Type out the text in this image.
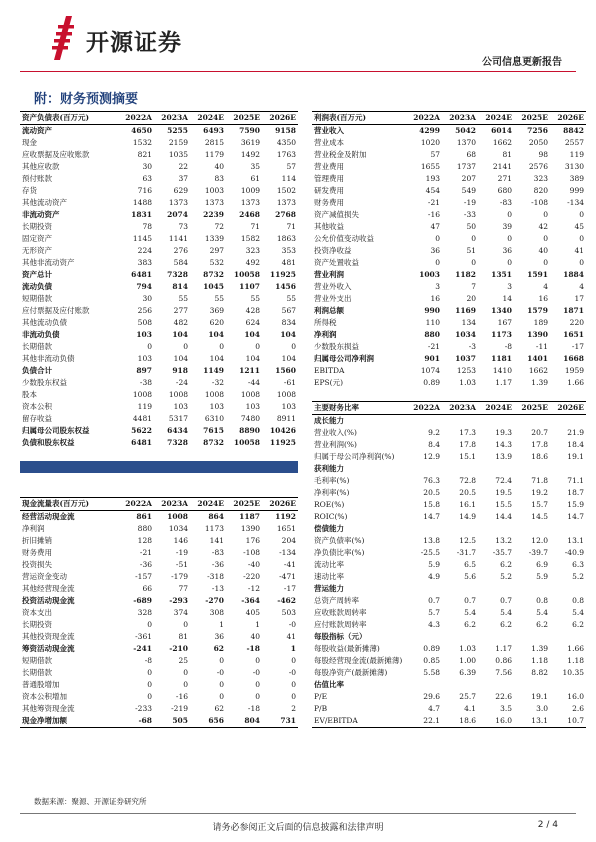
开源证券
公司信息更新报告
附：财务预测摘要
资产负债表(百万元)	2022A	2023A	2024E	2025E	2026E
流动资产	4650	5255	6493	7590	9158
现金	1532	2159	2815	3619	4350
应收票据及应收账款	821	1035	1179	1492	1763
其他应收款	30	22	40	35	57
预付账款	63	37	83	61	114
存货	716	629	1003	1009	1502
其他流动资产	1488	1373	1373	1373	1373
非流动资产	1831	2074	2239	2468	2768
长期投资	78	73	72	71	71
固定资产	1145	1141	1339	1582	1863
无形资产	224	276	297	323	353
其他非流动资产	383	584	532	492	481
资产总计	6481	7328	8732	10058	11925
流动负债	794	814	1045	1107	1456
短期借款	30	55	55	55	55
应付票据及应付账款	256	277	369	428	567
其他流动负债	508	482	620	624	834
非流动负债	103	104	104	104	104
长期借款	0	0	0	0	0
其他非流动负债	103	104	104	104	104
负债合计	897	918	1149	1211	1560
少数股东权益	-38	-24	-32	-44	-61
股本	1008	1008	1008	1008	1008
资本公积	119	103	103	103	103
留存收益	4481	5317	6310	7480	8911
归属母公司股东权益	5622	6434	7615	8890	10426
负债和股东权益	6481	7328	8732	10058	11925

现金流量表(百万元)	2022A	2023A	2024E	2025E	2026E
经营活动现金流	861	1008	864	1187	1192
净利润	880	1034	1173	1390	1651
折旧摊销	128	146	141	176	204
财务费用	-21	-19	-83	-108	-134
投资损失	-36	-51	-36	-40	-41
营运资金变动	-157	-179	-318	-220	-471
其他经营现金流	66	77	-13	-12	-17
投资活动现金流	-689	-293	-270	-364	-462
资本支出	328	374	308	405	503
长期投资	0	0	1	1	-0
其他投资现金流	-361	81	36	40	41
筹资活动现金流	-241	-210	62	-18	1
短期借款	-8	25	0	0	0
长期借款	0	0	-0	-0	-0
普通股增加	0	0	0	0	0
资本公积增加	0	-16	0	0	0
其他筹资现金流	-233	-219	62	-18	2
现金净增加额	-68	505	656	804	731
利润表(百万元)	2022A	2023A	2024E	2025E	2026E
营业收入	4299	5042	6014	7256	8842
营业成本	1020	1370	1662	2050	2557
营业税金及附加	57	68	81	98	119
营业费用	1655	1737	2141	2576	3130
管理费用	193	207	271	323	389
研发费用	454	549	680	820	999
财务费用	-21	-19	-83	-108	-134
资产减值损失	-16	-33	0	0	0
其他收益	47	50	39	42	45
公允价值变动收益	0	0	0	0	0
投资净收益	36	51	36	40	41
资产处置收益	0	0	0	0	0
营业利润	1003	1182	1351	1591	1884
营业外收入	3	7	3	4	4
营业外支出	16	20	14	16	17
利润总额	990	1169	1340	1579	1871
所得税	110	134	167	189	220
净利润	880	1034	1173	1390	1651
少数股东损益	-21	-3	-8	-11	-17
归属母公司净利润	901	1037	1181	1401	1668
EBITDA	1074	1253	1410	1662	1959
EPS(元)	0.89	1.03	1.17	1.39	1.66

主要财务比率	2022A	2023A	2024E	2025E	2026E
成长能力					
营业收入(%)	9.2	17.3	19.3	20.7	21.9
营业利润(%)	8.4	17.8	14.3	17.8	18.4
归属于母公司净利润(%)	12.9	15.1	13.9	18.6	19.1
获利能力					
毛利率(%)	76.3	72.8	72.4	71.8	71.1
净利率(%)	20.5	20.5	19.5	19.2	18.7
ROE(%)	15.8	16.1	15.5	15.7	15.9
ROIC(%)	14.7	14.9	14.4	14.5	14.7
偿债能力					
资产负债率(%)	13.8	12.5	13.2	12.0	13.1
净负债比率(%)	-25.5	-31.7	-35.7	-39.7	-40.9
流动比率	5.9	6.5	6.2	6.9	6.3
速动比率	4.9	5.6	5.2	5.9	5.2
营运能力					
总资产周转率	0.7	0.7	0.7	0.8	0.8
应收账款周转率	5.7	5.4	5.4	5.4	5.4
应付账款周转率	4.3	6.2	6.2	6.2	6.2
每股指标（元）					
每股收益(最新摊薄)	0.89	1.03	1.17	1.39	1.66
每股经营现金流(最新摊薄)	0.85	1.00	0.86	1.18	1.18
每股净资产(最新摊薄)	5.58	6.39	7.56	8.82	10.35
估值比率					
P/E	29.6	25.7	22.6	19.1	16.0
P/B	4.7	4.1	3.5	3.0	2.6
EV/EBITDA	22.1	18.6	16.0	13.1	10.7
数据来源：聚源、开源证券研究所
请务必参阅正文后面的信息披露和法律声明	2 / 4
